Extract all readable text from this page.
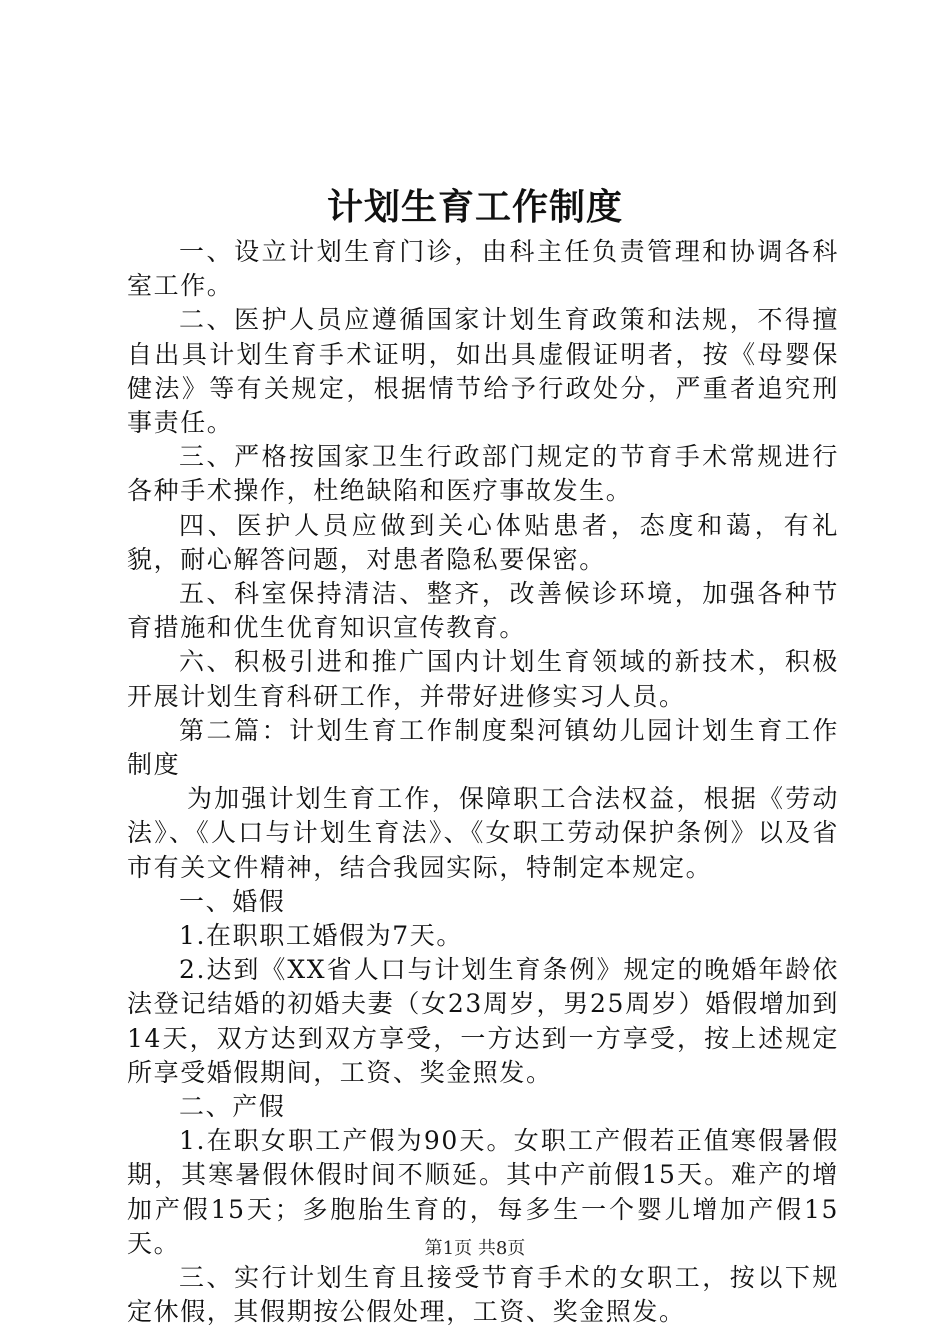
计划生育工作制度

一、设立计划生育门诊，由科主任负责管理和协调各科室工作。

二、医护人员应遵循国家计划生育政策和法规，不得擅自出具计划生育手术证明，如出具虚假证明者，按《母婴保健法》等有关规定，根据情节给予行政处分，严重者追究刑事责任。

三、严格按国家卫生行政部门规定的节育手术常规进行各种手术操作，杜绝缺陷和医疗事故发生。

四、医护人员应做到关心体贴患者，态度和蔼，有礼貌，耐心解答问题，对患者隐私要保密。

五、科室保持清洁、整齐，改善候诊环境，加强各种节育措施和优生优育知识宣传教育。

六、积极引进和推广国内计划生育领域的新技术，积极开展计划生育科研工作，并带好进修实习人员。

第二篇：计划生育工作制度梨河镇幼儿园计划生育工作制度

为加强计划生育工作，保障职工合法权益，根据《劳动法》、《人口与计划生育法》、《女职工劳动保护条例》以及省市有关文件精神，结合我园实际，特制定本规定。

一、婚假

1.在职职工婚假为7天。

2.达到《XX省人口与计划生育条例》规定的晚婚年龄依法登记结婚的初婚夫妻（女23周岁，男25周岁）婚假增加到14天，双方达到双方享受，一方达到一方享受，按上述规定所享受婚假期间，工资、奖金照发。

二、产假

1.在职女职工产假为90天。女职工产假若正值寒假暑假期，其寒暑假休假时间不顺延。其中产前假15天。难产的增加产假15天；多胞胎生育的，每多生一个婴儿增加产假15天。

三、实行计划生育且接受节育手术的女职工，按以下规定休假，其假期按公假处理，工资、奖金照发。

第1页 共8页
